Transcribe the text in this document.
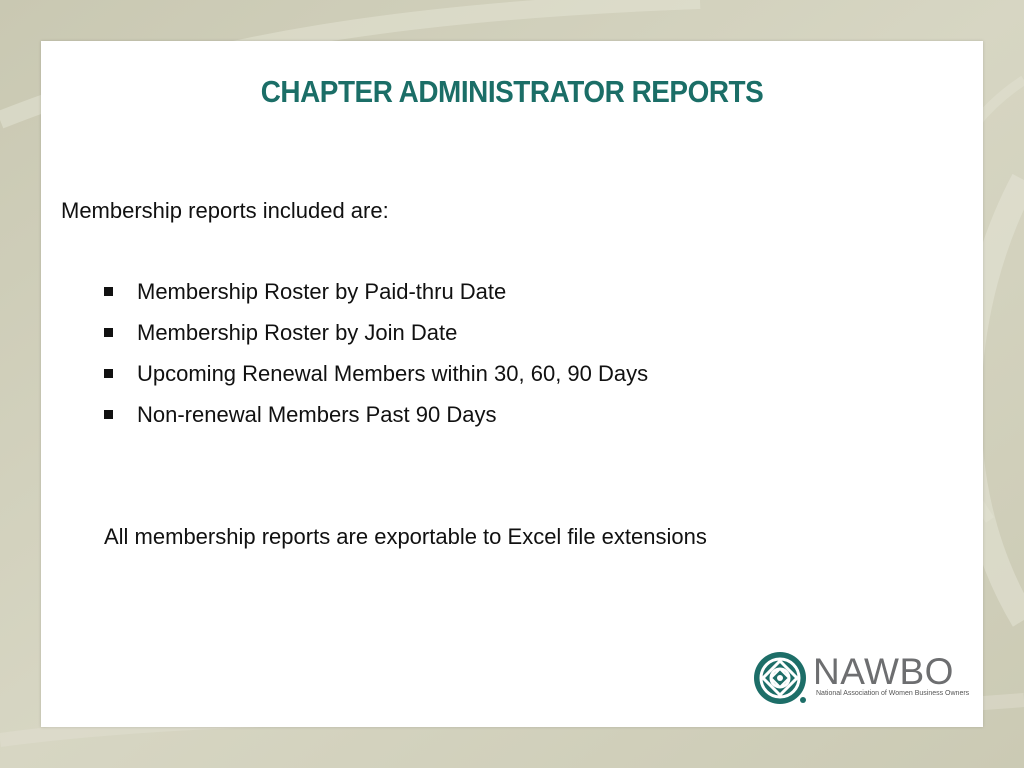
CHAPTER ADMINISTRATOR REPORTS
Membership reports included are:
Membership Roster by Paid-thru Date
Membership Roster by Join Date
Upcoming Renewal Members within 30, 60, 90 Days
Non-renewal Members Past 90 Days
All membership reports are exportable to Excel file extensions
NAWBO
National Association of Women Business Owners
